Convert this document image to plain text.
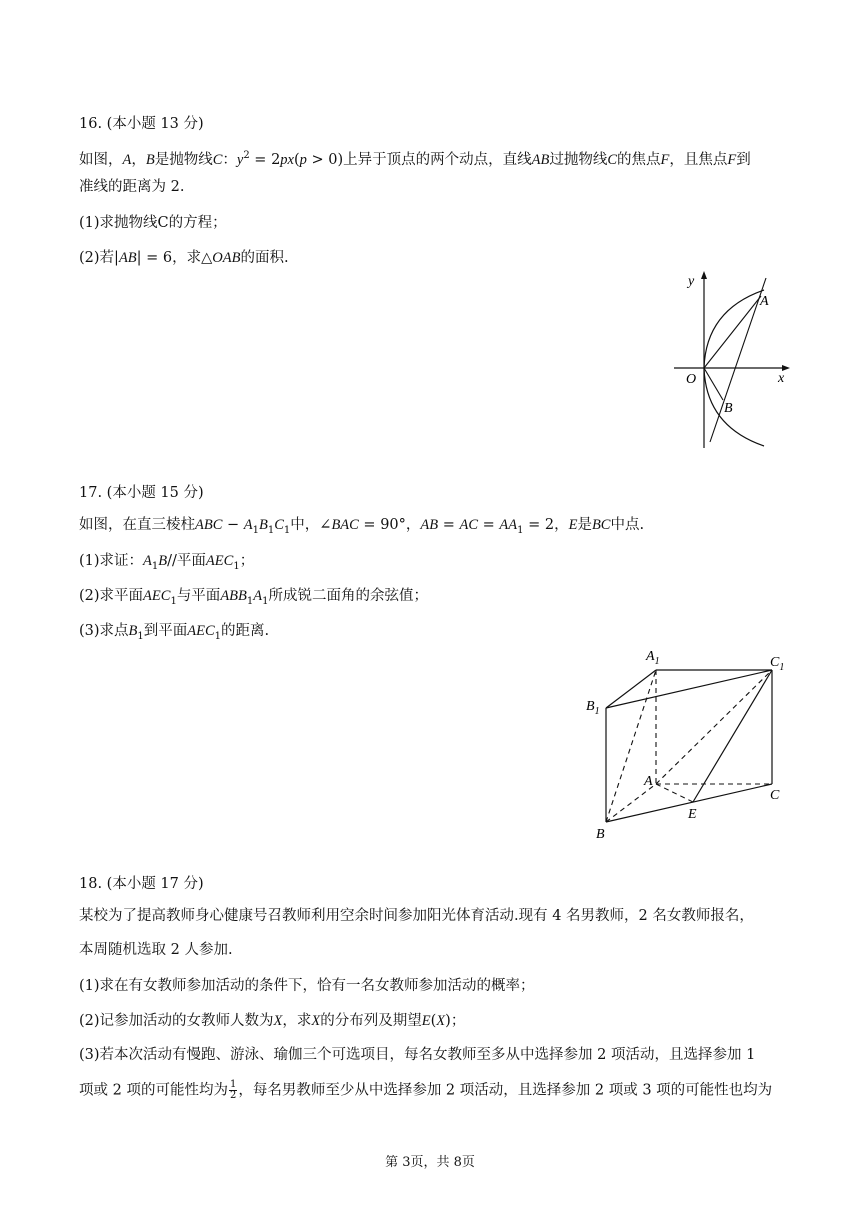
16. (本小题 13 分)
如图，A，B是抛物线C：$y^2 = 2px(p > 0)$上异于顶点的两个动点，直线AB过抛物线C的焦点F，且焦点F到
准线的距离为 2.
(1)求抛物线C的方程；
(2)若|AB| = 6，求△OAB的面积.
y
x
O
A
B
17. (本小题 15 分)
如图，在直三棱柱ABC − $A_1B_1C_1$中，∠BAC = 90°，AB = AC = $AA_1 = 2$，E是BC中点.
(1)求证：$A_1B//$平面$AEC_1$；
(2)求平面$AEC_1$与平面$ABB_1A_1$所成锐二面角的余弦值；
(3)求点$B_1$到平面$AEC_1$的距离.
$A_1$	$C_1$
$B_1$
A
C
E
B
18. (本小题 17 分)
某校为了提高教师身心健康号召教师利用空余时间参加阳光体育活动.现有 4 名男教师，2 名女教师报名，
本周随机选取 2 人参加.
(1)求在有女教师参加活动的条件下，恰有一名女教师参加活动的概率；
(2)记参加活动的女教师人数为X，求X的分布列及期望E(X)；
(3)若本次活动有慢跑、游泳、瑜伽三个可选项目，每名女教师至多从中选择参加 2 项活动，且选择参加 1
项或 2 项的可能性均为 $\frac{1}{2}$ ，每名男教师至少从中选择参加 2 项活动，且选择参加 2 项或 3 项的可能性也均为
第 3页，共 8页
